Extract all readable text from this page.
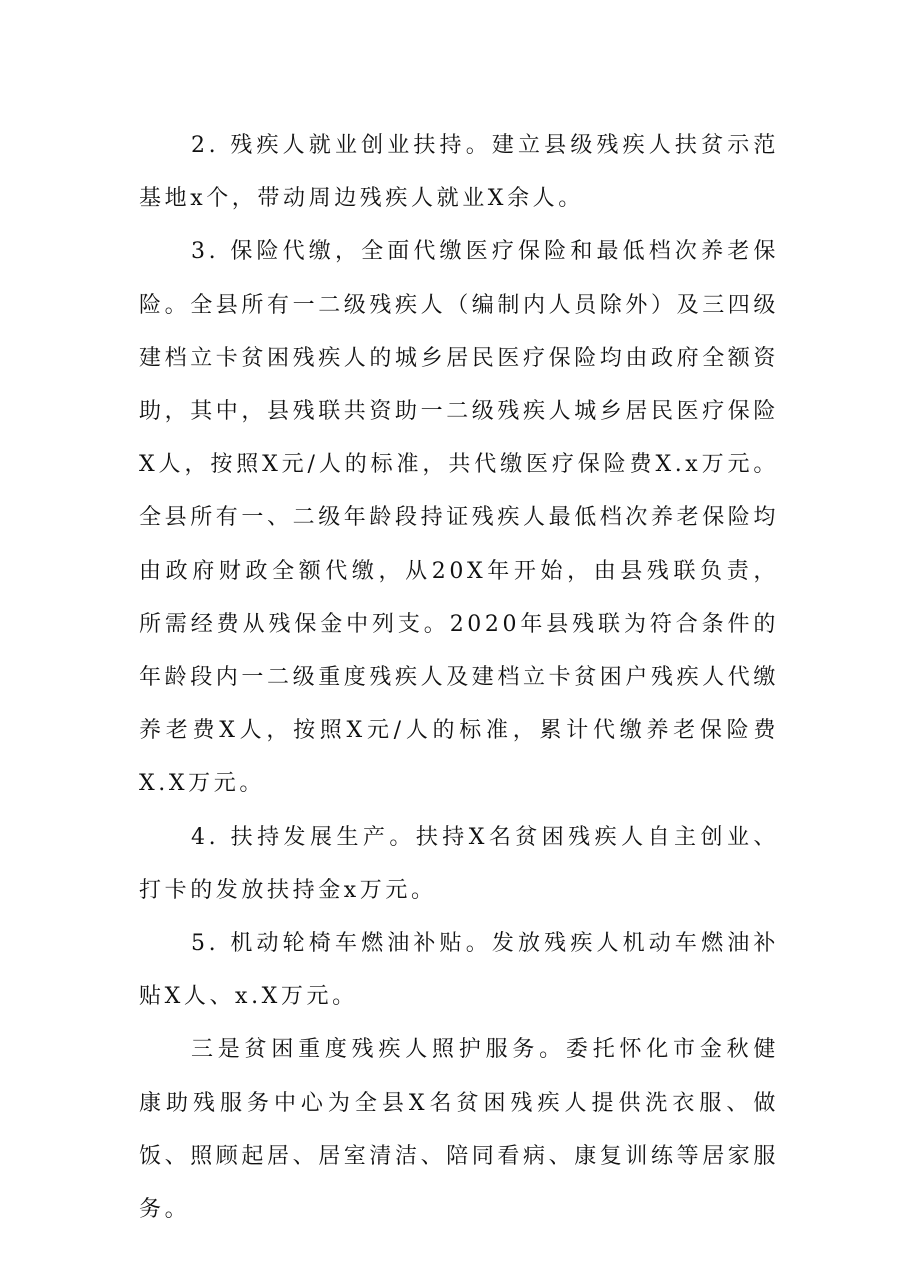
2. 残疾人就业创业扶持。建立县级残疾人扶贫示范基地x个，带动周边残疾人就业X余人。

3. 保险代缴，全面代缴医疗保险和最低档次养老保险。全县所有一二级残疾人（编制内人员除外）及三四级建档立卡贫困残疾人的城乡居民医疗保险均由政府全额资助，其中，县残联共资助一二级残疾人城乡居民医疗保险X人，按照X元/人的标准，共代缴医疗保险费X.x万元。全县所有一、二级年龄段持证残疾人最低档次养老保险均由政府财政全额代缴，从20X年开始，由县残联负责，所需经费从残保金中列支。2020年县残联为符合条件的年龄段内一二级重度残疾人及建档立卡贫困户残疾人代缴养老费X人，按照X元/人的标准，累计代缴养老保险费X.X万元。

4. 扶持发展生产。扶持X名贫困残疾人自主创业、打卡的发放扶持金x万元。

5. 机动轮椅车燃油补贴。发放残疾人机动车燃油补贴X人、x.X万元。

三是贫困重度残疾人照护服务。委托怀化市金秋健康助残服务中心为全县X名贫困残疾人提供洗衣服、做饭、照顾起居、居室清洁、陪同看病、康复训练等居家服务。
